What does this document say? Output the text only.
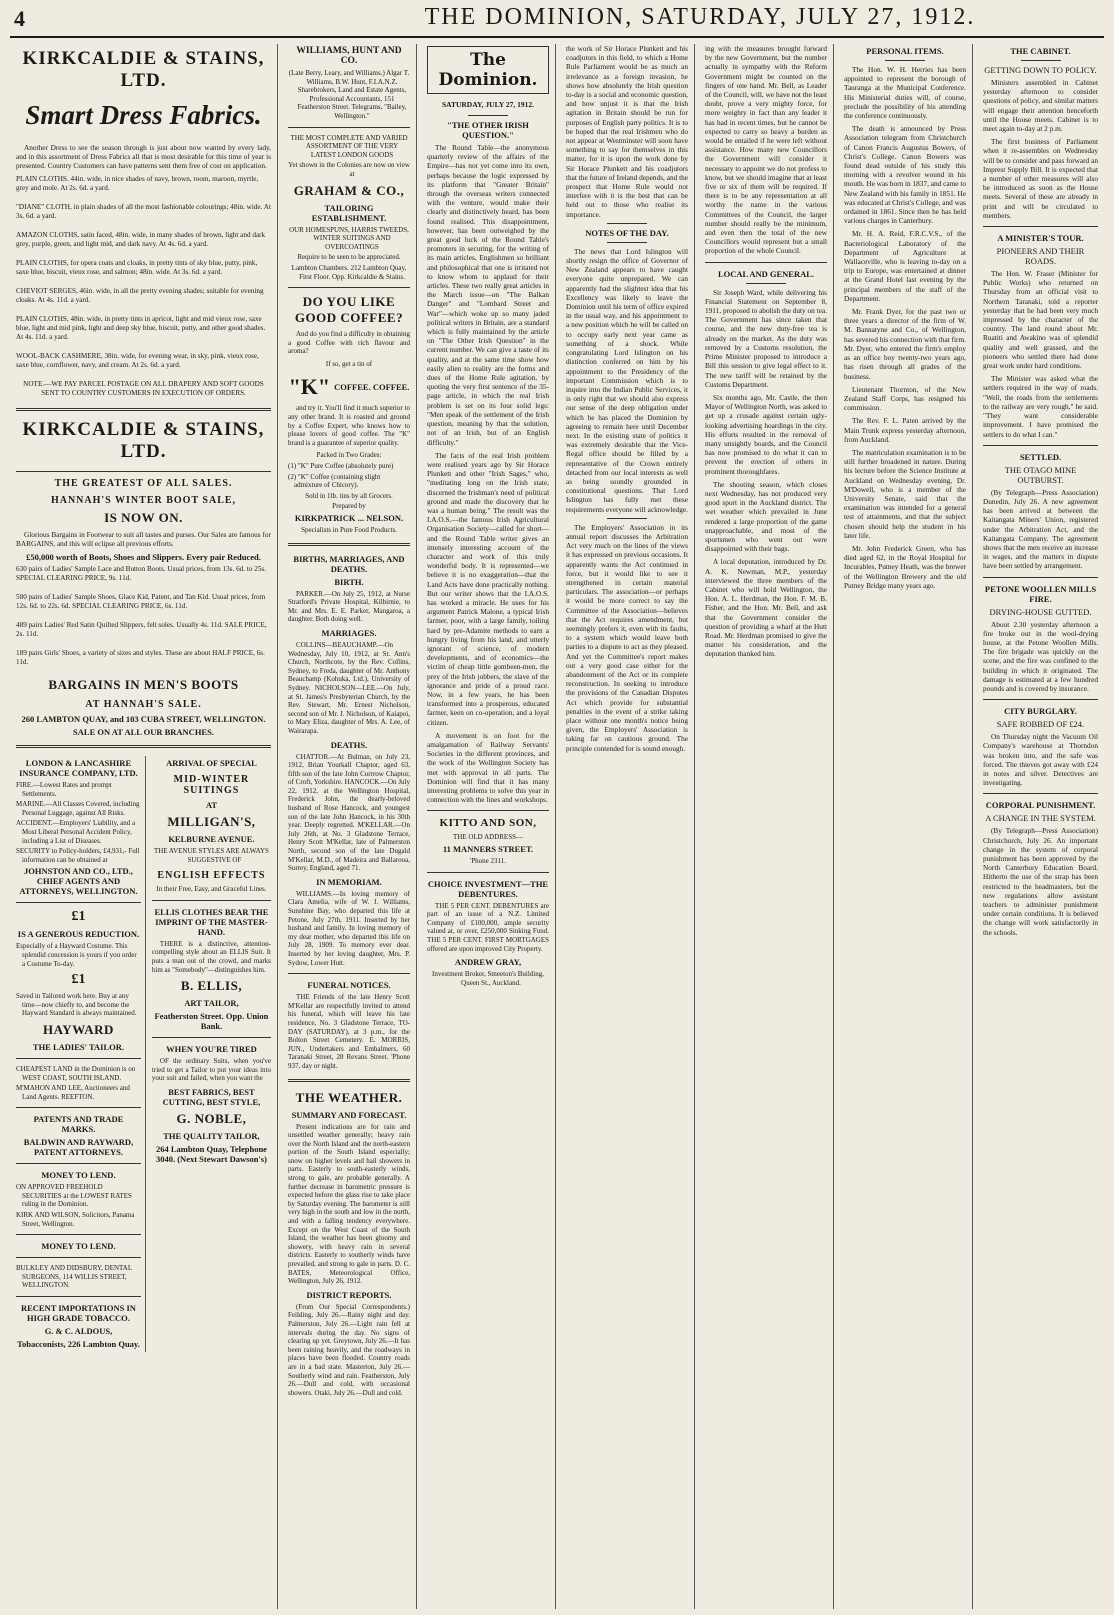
4	THE DOMINION, SATURDAY, JULY 27, 1912.
KIRKCALDIE & STAINS, LTD.
Smart Dress Fabrics.

Another Dress to see the season through is just about now wanted by every lady, and in this assortment of Dress Fabrics all that is most desirable for this time of year is presented. Country Customers can have patterns sent them free of cost on application.

PLAIN CLOTHS. 44in. wide, in nice shades of navy, brown, room, maroon, myrtle, grey and mole. At 2s. 6d. a yard.

"DIANE" CLOTH, in plain shades of all the most fashionable colourings; 48in. wide. At 3s. 6d. a yard.

AMAZON CLOTHS, satin faced, 48in. wide, in many shades of brown, light and dark grey, purple, green, and light mid, and dark navy. At 4s. 6d. a yard.

PLAIN CLOTHS, for opera coats and cloaks, in pretty tints of sky blue, putty, pink, saxe blue, biscuit, vieux rose, and salmon; 48in. wide. At 3s. 6d. a yard.

CHEVIOT SERGES, 46in. wide, in all the pretty evening shades; suitable for evening cloaks. At 4s. 11d. a yard.

PLAIN CLOTHS, 48in. wide, in pretty tints in apricot, light and mid vieux rose, saxe blue, light and mid pink, light and deep sky blue, biscuit, putty, and other good shades. At 4s. 11d. a yard.

WOOL-BACK CASHMERE, 38in. wide, for evening wear, in sky, pink, vieux rose, saxe blue, cornflower, navy, and cream. At 2s. 6d. a yard.

NOTE.—WE PAY PARCEL POSTAGE ON ALL DRAPERY AND SOFT GOODS SENT TO COUNTRY CUSTOMERS IN EXECUTION OF ORDERS.

KIRKCALDIE & STAINS, LTD.
THE GREATEST OF ALL SALES.
HANNAH'S WINTER BOOT SALE,
IS NOW ON.

Glorious Bargains in Footwear to suit all tastes and purses. Our Sales are famous for BARGAINS, and this will eclipse all previous efforts.

£50,000 worth of Boots, Shoes and Slippers. Every pair Reduced.

630 pairs of Ladies' Sample Lace and Button Boots. Usual prices, from 13s. 6d. to 25s. SPECIAL CLEARING PRICE, 9s. 11d.

580 pairs of Ladies' Sample Shoes, Glace Kid, Patent, and Tan Kid. Usual prices, from 12s. 6d. to 22s. 6d. SPECIAL CLEARING PRICE, 6s. 11d.

489 pairs Ladies' Red Satin Quilted Slippers, felt soles. Usually 4s. 11d. SALE PRICE, 2s. 11d.

189 pairs Girls' Shoes, a variety of sizes and styles. These are about HALF PRICE, 6s. 11d.

BARGAINS IN MEN'S BOOTS
AT HANNAH'S SALE.
260 LAMBTON QUAY, and 103 CUBA STREET, WELLINGTON.
SALE ON AT ALL OUR BRANCHES.
LONDON & LANCASHIRE INSURANCE COMPANY, LTD.

FIRE.—Lowest Rates and prompt Settlements.

MARINE.—All Classes Covered, including Personal Luggage, against All Risks.

ACCIDENT.—Employers' Liability, and a Most Liberal Personal Accident Policy, including a List of Diseases.

SECURITY to Policy-holders, £4,931,- Full information can be obtained at

JOHNSTON AND CO., LTD., CHIEF AGENTS AND ATTORNEYS, WELLINGTON.
£1
IS A GENEROUS REDUCTION.

Especially of a Hayward Costume. This splendid concession is yours if you order a Costume To-day.

£1

Saved in Tailored work here. Buy at any time—now chiefly to, and become the Hayward Standard is always maintained.

HAYWARD
THE LADIES' TAILOR.

CHEAPEST LAND in the Dominion is on WEST COAST, SOUTH ISLAND.

M'MAHON AND LEE, Auctioneers and Land Agents. REEFTON.

PATENTS AND TRADE MARKS.
BALDWIN AND RAYWARD, PATENT ATTORNEYS.
MONEY TO LEND.

ON APPROVED FREEHOLD SECURITIES at the LOWEST RATES ruling in the Dominion.

KIRK AND WILSON, Solicitors, Panama Street, Wellington.

MONEY TO LEND.

BULKLEY AND DIDSBURY, DENTAL SURGEONS, 114 WILLIS STREET, WELLINGTON.

RECENT IMPORTATIONS IN HIGH GRADE TOBACCO.
G. & C. ALDOUS,
Tobacconists, 226 Lambton Quay.
ARRIVAL OF SPECIAL
MID-WINTER SUITINGS
AT
MILLIGAN'S,
KELBURNE AVENUE.

THE AVENUE STYLES ARE ALWAYS SUGGESTIVE OF

ENGLISH EFFECTS

In their Free, Easy, and Graceful Lines.

ELLIS CLOTHES BEAR THE IMPRINT OF THE MASTER-HAND.

THERE is a distinctive, attention-compelling style about an ELLIS Suit. It puts a man out of the crowd, and marks him as "Somebody"—distinguishes him.

B. ELLIS,
ART TAILOR,
Featherston Street. Opp. Union Bank.
WHEN YOU'RE TIRED

OF the ordinary Suits, when you've tried to get a Tailor to put your ideas into your suit and failed, when you want the

BEST FABRICS, BEST CUTTING, BEST STYLE,
G. NOBLE,
THE QUALITY TAILOR,
264 Lambton Quay, Telephone 3040. (Next Stewart Dawson's)
WILLIAMS, HUNT AND CO.

(Late Berry, Leary, and Williams.) Algar T. Williams, B.W. Hunt, F.I.A.N.Z. Sharebrokers, Land and Estate Agents, Professional Accountants, 151 Featherston Street. Telegrams, "Bailey, Wellington."

THE MOST COMPLETE AND VARIED ASSORTMENT OF THE VERY LATEST LONDON GOODS

Yet shown in the Colonies are now on view at

GRAHAM & CO.,
TAILORING ESTABLISHMENT.

OUR HOMESPUNS, HARRIS TWEEDS, WINTER SUITINGS AND OVERCOATINGS

Require to be seen to be appreciated.

Lambton Chambers. 212 Lambton Quay, First Floor. Opp. Kirkcaldie & Stains.

DO YOU LIKE GOOD COFFEE?

And do you find a difficulty in obtaining a good Coffee with rich flavour and aroma?

If so, get a tin of

"K" COFFEE. COFFEE.

and try it. You'll find it much superior to any other brand. It is roasted and ground by a Coffee Expert, who knows how to please lovers of good coffee. The "K" brand is a guarantee of superior quality.

Packed in Two Grades:

(1) "K" Pure Coffee (absolutely pure)

(2) "K" Coffee (containing slight admixture of Chicory).

Sold in 1lb. tins by all Grocers.

Prepared by

KIRKPATRICK ... NELSON.

Specialists in Pure Food Products.

BIRTHS, MARRIAGES, AND DEATHS.
BIRTH.

PARKER.—On July 25, 1912, at Nurse Stratford's Private Hospital, Kilbirnie, to Mr. and Mrs. E. E. Parker, Mangaroa, a daughter. Both doing well.

MARRIAGES.

COLLINS—BEAUCHAMP.—On Wednesday, July 10, 1912, at St. Ann's Church, Northcote, by the Rev. Collins, Sydney, to Freda, daughter of Mr. Anthony Beauchamp (Kohuka, Ltd.), University of Sydney. NICHOLSON—LEE.—On July, at St. James's Presbyterian Church, by the Rev. Stewart, Mr. Ernest Nicholson, second son of Mr. J. Nicholson, of Kaiapoi, to Mary Eliza, daughter of Mrs. A. Lee, of Wairarapa.

DEATHS.

CHATTOR.—At Bulman, on July 23, 1912, Brian Yourkall Chaptor, aged 63, fifth son of the late John Corrrow Chaptor, of Croft, Yorkshire. HANCOCK.—On July 22, 1912, at the Wellington Hospital, Frederick John, the dearly-beloved husband of Rose Hancock, and youngest son of the late John Hancock, in his 30th year. Deeply regretted. M'KELLAR.—On July 26th, at No. 3 Gladstone Terrace, Henry Scott M'Kellar, late of Palmerston North, second son of the late Dugald M'Kellar, M.D., of Madeira and Ballarooa, Surrey, England, aged 71.

IN MEMORIAM.

WILLIAMS.—In loving memory of Clara Amelia, wife of W. J. Williams, Sunshine Bay, who departed this life at Petone, July 27th, 1911. Inserted by her husband and family. In loving memory of my dear mother, who departed this life on July 28, 1909. To memory ever dear. Inserted by her loving daughter, Mrs. P. Sydow, Lower Hutt.

FUNERAL NOTICES.

THE Friends of the late Henry Scott M'Kellar are respectfully invited to attend his funeral, which will leave his late residence, No. 3 Gladstone Terrace, TO-DAY (SATURDAY), at 3 p.m., for the Bolton Street Cemetery. E. MORRIS, JUN., Undertakers and Embalmers, 60 Taranaki Street, 28 Revans Street. 'Phone 937, day or night.

THE WEATHER.
SUMMARY AND FORECAST.

Present indications are for rain and unsettled weather generally; heavy rain over the North Island and the north-eastern portion of the South Island especially; snow on higher levels and hail showers in parts. Easterly to south-easterly winds, strong to gale, are probable generally. A further decrease in barometric pressure is expected before the glass rise to take place by Saturday evening. The barometer is still very high in the south and low in the north, and with a falling tendency everywhere. Except on the West Coast of the South Island, the weather has been gloomy and showery, with heavy rain in several districts. Easterly to southerly winds have prevailed, and strong to gale in parts. D. C. BATES, Meteorological Office, Wellington, July 26, 1912.

DISTRICT REPORTS.

(From Our Special Correspondents.) Feilding, July 26.—Rainy night and day. Palmerston, July 26.—Light rain fell at intervals during the day. No signs of clearing up yet. Greytown, July 26.—It has been raining heavily, and the roadways in places have been flooded. Country roads are in a bad state. Masterton, July 26.—Southerly wind and rain. Featherston, July 26.—Dull and cold, with occasional showers. Otaki, July 26.—Dull and cold.

The Dominion.
SATURDAY, JULY 27, 1912.
"THE OTHER IRISH QUESTION."

The Round Table—the anonymous quarterly review of the affairs of the Empire—has not yet come into its own, perhaps because the logic expressed by its platform that "Greater Britain" through the overseas writers connected with the venture, would make their clearly and distinctively heard, has been found realised. This disappointment, however, has been outweighed by the great good luck of the Round Table's promoters in securing, for the writing of its main articles, Englishmen so brilliant and philosophical that one is irritated not to know whom to applaud for their articles. These two really great articles in the March issue—on "The Balkan Danger" and "Lombard Street and War"—which woke up so many jaded political writers in Britain, are a standard which is fully maintained by the article on "The Other Irish Question" in the current number. We can give a taste of its quality, and at the same time show how easily alien to reality are the forms and dues of the Home Rule agitation, by quoting the very first sentence of the 35-page article, in which the real Irish problem is set on its four solid legs: "Men speak of the settlement of the Irish question, meaning by that the solution, not of an Irish, but of an English difficulty."

The facts of the real Irish problem were realised years ago by Sir Horace Plunkett and other "Irish Sages," who, "meditating long on the Irish state, discerned the Irishman's need of political ground and made the discovery that he was a human being." The result was the I.A.O.S.—the famous Irish Agricultural Organisation Society—called for short—and the Round Table writer gives an intensely interesting account of the character and work of this truly wonderful body. It is represented—we believe it is no exaggeration—that the Land Acts have done practically nothing. But our writer shows that the I.A.O.S. has worked a miracle. He uses for his argument Patrick Malone, a typical Irish farmer, poor, with a large family, toiling hard by pre-Adamite methods to earn a hungry living from his land, and utterly ignorant of science, of modern developments, and of economics—the victim of cheap little gombeen-men, the prey of the Irish jobbers, the slave of the ignorance and pride of a proud race. Now, in a few years, he has been transformed into a prosperous, educated farmer, keen on co-operation, and a loyal citizen.

A movement is on foot for the amalgamation of Railway Servants' Societies in the different provinces, and the work of the Wellington Society has met with approval in all parts. The Dominion will find that it has many interesting problems to solve this year in connection with the lines and workshops.

KITTO AND SON,

THE OLD ADDRESS—

11 MANNERS STREET.

'Phone 2311.

CHOICE INVESTMENT—THE DEBENTURES.

THE 5 PER CENT. DEBENTURES are part of an issue of a N.Z. Limited Company of £100,000, ample security valued at, or over, £250,000 Sinking Fund. THE 5 PER CENT. FIRST MORTGAGES offered are upon improved City Property.

ANDREW GRAY,

Investment Broker, Smeeton's Building, Queen St., Auckland.

the work of Sir Horace Plunkett and his coadjutors in this field, to which a Home Rule Parliament would be as much an irrelevance as a foreign invasion, he shows how absolutely the Irish question to-day is a social and economic question, and how unjust it is that the Irish agitation in Britain should be run for purposes of English party politics. It is to be hoped that the real Irishmen who do not appear at Westminster will soon have something to say for themselves in this matter, for it is upon the work done by Sir Horace Plunkett and his coadjutors that the future of Ireland depends, and the prospect that Home Rule would not interfere with it is the best that can be held out to those who realise its importance.

NOTES OF THE DAY.

The news that Lord Islington will shortly resign the office of Governor of New Zealand appears to have caught everyone quite unprepared. We can apparently had the slightest idea that his Excellency was likely to leave the Dominion until his term of office expired in the usual way, and his appointment to a new position which he will be called on to occupy early next year came as something of a shock. While congratulating Lord Islington on his distinction conferred on him by his appointment to the Presidency of the important Commission which is to inquire into the Indian Public Services, it is only right that we should also express our sense of the deep obligation under which he has placed the Dominion by agreeing to remain here until December next. In the existing state of politics it was extremely desirable that the Vice-Regal office should be filled by a representative of the Crown entirely detached from our local interests as well as being soundly grounded in constitutional questions. That Lord Islington has fully met these requirements everyone will acknowledge.

The Employers' Association in its annual report discusses the Arbitration Act very much on the lines of the views it has expressed on previous occasions. It apparently wants the Act continued in force, but it would like to see it strengthened in certain material particulars. The association—or perhaps it would be more correct to say the Committee of the Association—believes that the Act requires amendment, but seemingly prefers it, even with its faults, to a system which would leave both parties to a dispute to act as they pleased. And yet the Committee's report makes out a very good case either for the abandonment of the Act or its complete reconstruction. In seeking to introduce the provisions of the Canadian Disputes Act which provide for substantial penalties in the event of a strike taking place without one month's notice being given, the Employers' Association is taking far on cautious ground. The principle contended for is sound enough.

ing with the measures brought forward by the new Government, but the number actually in sympathy with the Reform Government might be counted on the fingers of one hand. Mr. Bell, as Leader of the Council, will, we have not the least doubt, prove a very mighty force, for more weighty in fact than any leader it has had in recent times, but he cannot be expected to carry so heavy a burden as would be entailed if he were left without assistance. How many new Councillors the Government will consider it necessary to appoint we do not profess to know, but we should imagine that at least five or six of them will be required. If there is to be any representation at all worthy the name in the various Committees of the Council, the larger number should really be the minimum, and even then the total of the new Councillors would represent but a small proportion of the whole Council.

LOCAL AND GENERAL.

Sir Joseph Ward, while delivering his Financial Statement on September 8, 1911, proposed to abolish the duty on tea. The Government has since taken that course, and the new duty-free tea is already on the market. As the duty was removed by a Customs resolution, the Prime Minister proposed to introduce a Bill this session to give legal effect to it. The new tariff will be retained by the Customs Department.

Six months ago, Mr. Castle, the then Mayor of Wellington North, was asked to get up a crusade against certain ugly-looking advertising hoardings in the city. His efforts resulted in the removal of many unsightly boards, and the Council has now promised to do what it can to prevent the erection of others in prominent thoroughfares.

The shooting season, which closes next Wednesday, has not produced very good sport in the Auckland district. The wet weather which prevailed in June rendered a large proportion of the game unapproachable, and most of the sportsmen who went out were disappointed with their bags.

A local deputation, introduced by Dr. A. K. Newman, M.P., yesterday interviewed the three members of the Cabinet who will hold Wellington, the Hon. A. L. Herdman, the Hon. F. M. B. Fisher, and the Hon. Mr. Bell, and ask that the Government consider the question of providing a wharf at the Hutt Road. Mr. Herdman promised to give the matter his consideration, and the deputation thanked him.

PERSONAL ITEMS.

The Hon. W. H. Herries has been appointed to represent the borough of Tauranga at the Municipal Conference. His Ministerial duties will, of course, preclude the possibility of his attending the conference continuously.

The death is announced by Press Association telegram from Christchurch of Canon Francis Augustus Bowers, of Christ's College. Canon Bowers was found dead outside of his study this morning with a revolver wound in his mouth. He was born in 1837, and came to New Zealand with his family in 1851. He was educated at Christ's College, and was ordained in 1861. Since then he has held various charges in Canterbury.

Mr. H. A. Reid, F.R.C.V.S., of the Bacteriological Laboratory of the Department of Agriculture at Wallaceville, who is leaving to-day on a trip to Europe, was entertained at dinner at the Grand Hotel last evening by the principal members of the staff of the Department.

Mr. Frank Dyer, for the past two or three years a director of the firm of W. M. Bannatyne and Co., of Wellington, has severed his connection with that firm. Mr. Dyer, who entered the firm's employ as an office boy twenty-two years ago, has risen through all grades of the business.

Lieutenant Thornton, of the New Zealand Staff Corps, has resigned his commission.

The Rev. F. L. Paten arrived by the Main Trunk express yesterday afternoon, from Auckland.

The matriculation examination is to be still further broadened in nature. During his lecture before the Science Institute at Auckland on Wednesday evening, Dr. M'Dowell, who is a member of the University Senate, said that the examination was intended for a general test of attainments, and that the subject chosen should help the student in his later life.

Mr. John Frederick Green, who has died aged 62, in the Royal Hospital for Incurables, Putney Heath, was the brewer of the Wellington Brewery and the old Putney Bridge many years ago.

THE CABINET.
GETTING DOWN TO POLICY.

Ministers assembled in Cabinet yesterday afternoon to consider questions of policy, and similar matters will engage their attention henceforth until the House meets. Cabinet is to meet again to-day at 2 p.m.

The first business of Parliament when it re-assembles on Wednesday will be to consider and pass forward an Imprest Supply Bill. It is expected that a number of other measures will also be introduced as soon as the House meets. Several of these are already in print and will be circulated to members.

A MINISTER'S TOUR.
PIONEERS AND THEIR ROADS.

The Hon. W. Fraser (Minister for Public Works) who returned on Thursday from an official visit to Northern Taranaki, told a reporter yesterday that he had been very much impressed by the character of the country. The land round about Mr. Ruatiti and Awakino was of splendid quality and well grassed, and the pioneers who settled there had done great work under hard conditions.

The Minister was asked what the settlers required in the way of roads. "Well, the roads from the settlements to the railway are very rough," he said. "They want considerable improvement. I have promised the settlers to do what I can."

SETTLED.
THE OTAGO MINE OUTBURST.

(By Telegraph—Press Association) Dunedin, July 26. A new agreement has been arrived at between the Kaitangata Miners' Union, registered under the Arbitration Act, and the Kaitangata Company. The agreement shows that the men receive an increase in wages, and the matters in dispute have been settled by arrangement.

PETONE WOOLLEN MILLS FIRE.
DRYING-HOUSE GUTTED.

About 2.30 yesterday afternoon a fire broke out in the wool-drying house, at the Petone Woollen Mills. The fire brigade was quickly on the scene, and the fire was confined to the building in which it originated. The damage is estimated at a few hundred pounds and is covered by insurance.

CITY BURGLARY.
SAFE ROBBED OF £24.

On Thursday night the Vacuum Oil Company's warehouse at Thorndon was broken into, and the safe was forced. The thieves got away with £24 in notes and silver. Detectives are investigating.

CORPORAL PUNISHMENT.
A CHANGE IN THE SYSTEM.

(By Telegraph—Press Association) Christchurch, July 26. An important change in the system of corporal punishment has been approved by the North Canterbury Education Board. Hitherto the use of the strap has been restricted to the headmasters, but the new regulations allow assistant teachers to administer punishment under certain conditions. It is believed the change will work satisfactorily in the schools.
